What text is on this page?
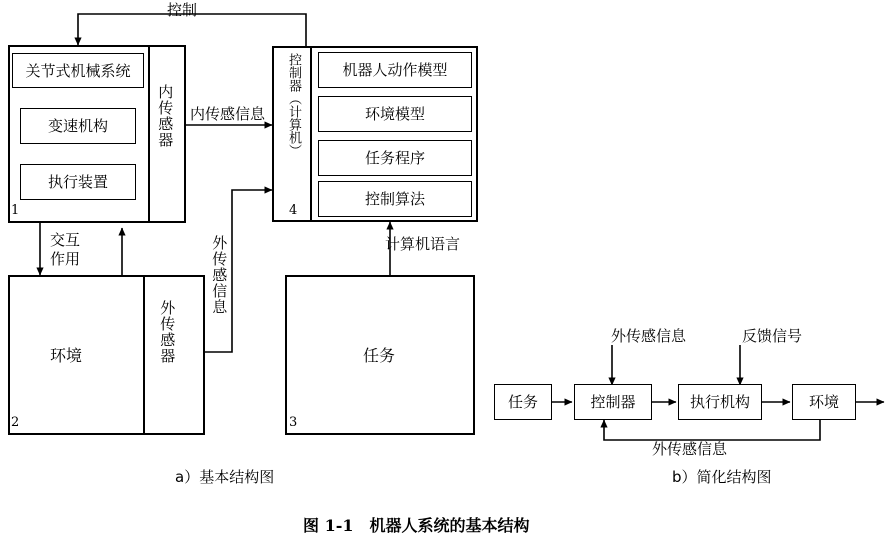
关节式机械系统
变速机构
执行装置
内传感器
1
环境	外传感器
2
任务
3
控制器（计算机）	机器人动作模型
环境模型
任务程序
控制算法
4
控制
内传感信息
外传感信息
交互作用
计算机语言
任务	控制器	执行机构	环境
外传感信息	反馈信号
外传感信息
a）基本结构图	b）简化结构图
图 1-1　机器人系统的基本结构
